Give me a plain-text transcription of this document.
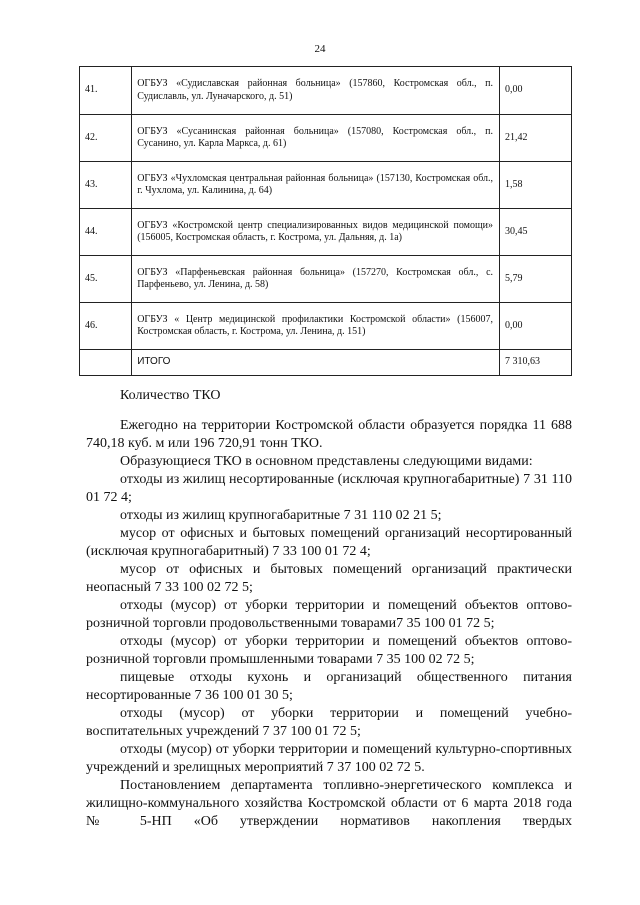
24
41.	ОГБУЗ «Судиславская районная больница» (157860, Костромская обл., п. Судиславль, ул. Луначарского, д. 51)	0,00
42.	ОГБУЗ «Сусанинская районная больница» (157080, Костромская обл., п. Сусанино, ул. Карла Маркса, д. 61)	21,42
43.	ОГБУЗ «Чухломская центральная районная больница» (157130, Костромская обл., г. Чухлома, ул. Калинина, д. 64)	1,58
44.	ОГБУЗ «Костромской центр специализированных видов медицинской помощи» (156005, Костромская область, г. Кострома, ул. Дальняя, д. 1а)	30,45
45.	ОГБУЗ «Парфеньевская районная больница» (157270, Костромская обл., с. Парфеньево, ул. Ленина, д. 58)	5,79
46.	ОГБУЗ « Центр медицинской профилактики Костромской области» (156007, Костромская область, г. Кострома, ул. Ленина, д. 151)	0,00
	ИТОГО	7 310,63

Количество ТКО

Ежегодно на территории Костромской области образуется порядка 11 688 740,18 куб. м или 196 720,91 тонн ТКО.

Образующиеся ТКО в основном представлены следующими видами:

отходы из жилищ несортированные (исключая крупногабаритные) 7 31 110 01 72 4;

отходы из жилищ крупногабаритные 7 31 110 02 21 5;

мусор от офисных и бытовых помещений организаций несортированный (исключая крупногабаритный) 7 33 100 01 72 4;

мусор от офисных и бытовых помещений организаций практически неопасный 7 33 100 02 72 5;

отходы (мусор) от уборки территории и помещений объектов оптово-розничной торговли продовольственными товарами7 35 100 01 72 5;

отходы (мусор) от уборки территории и помещений объектов оптово-розничной торговли промышленными товарами 7 35 100 02 72 5;

пищевые отходы кухонь и организаций общественного питания несортированные 7 36 100 01 30 5;

отходы (мусор) от уборки территории и помещений учебно-воспитательных учреждений 7 37 100 01 72 5;

отходы (мусор) от уборки территории и помещений культурно-спортивных учреждений и зрелищных мероприятий 7 37 100 02 72 5.

Постановлением департамента топливно-энергетического комплекса и жилищно-коммунального хозяйства Костромской области от 6 марта 2018 года № 5-НП «Об утверждении нормативов накопления твердых
